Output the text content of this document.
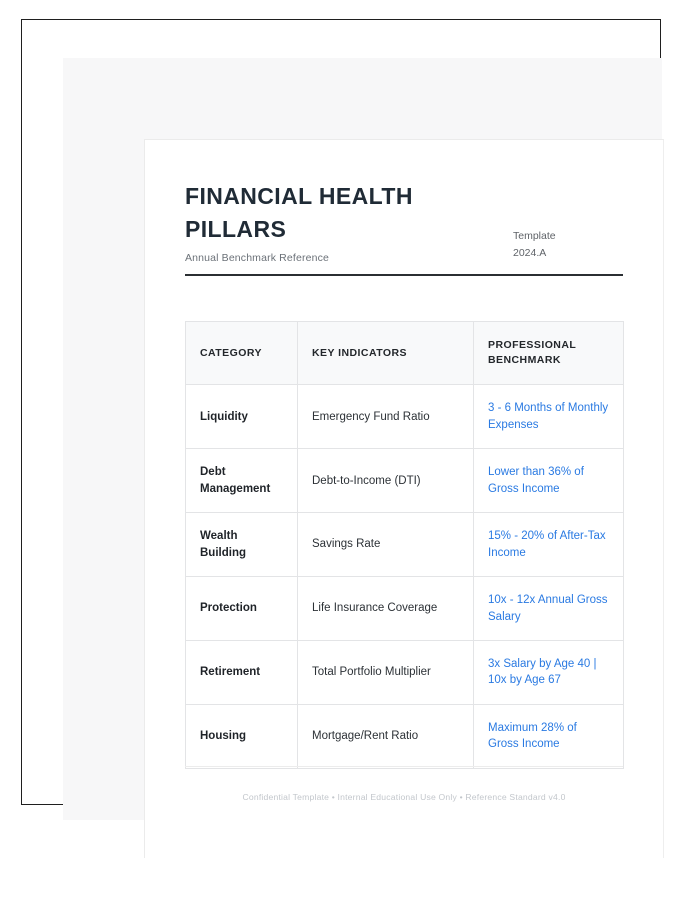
FINANCIAL HEALTH PILLARS
Annual Benchmark Reference
Template
2024.A
CATEGORY	KEY INDICATORS	PROFESSIONAL BENCHMARK
Liquidity	Emergency Fund Ratio	3 - 6 Months of Monthly Expenses
Debt Management	Debt-to-Income (DTI)	Lower than 36% of Gross Income
Wealth Building	Savings Rate	15% - 20% of After-Tax Income
Protection	Life Insurance Coverage	10x - 12x Annual Gross Salary
Retirement	Total Portfolio Multiplier	3x Salary by Age 40 | 10x by Age 67
Housing	Mortgage/Rent Ratio	Maximum 28% of Gross Income
Confidential Template • Internal Educational Use Only • Reference Standard v4.0
